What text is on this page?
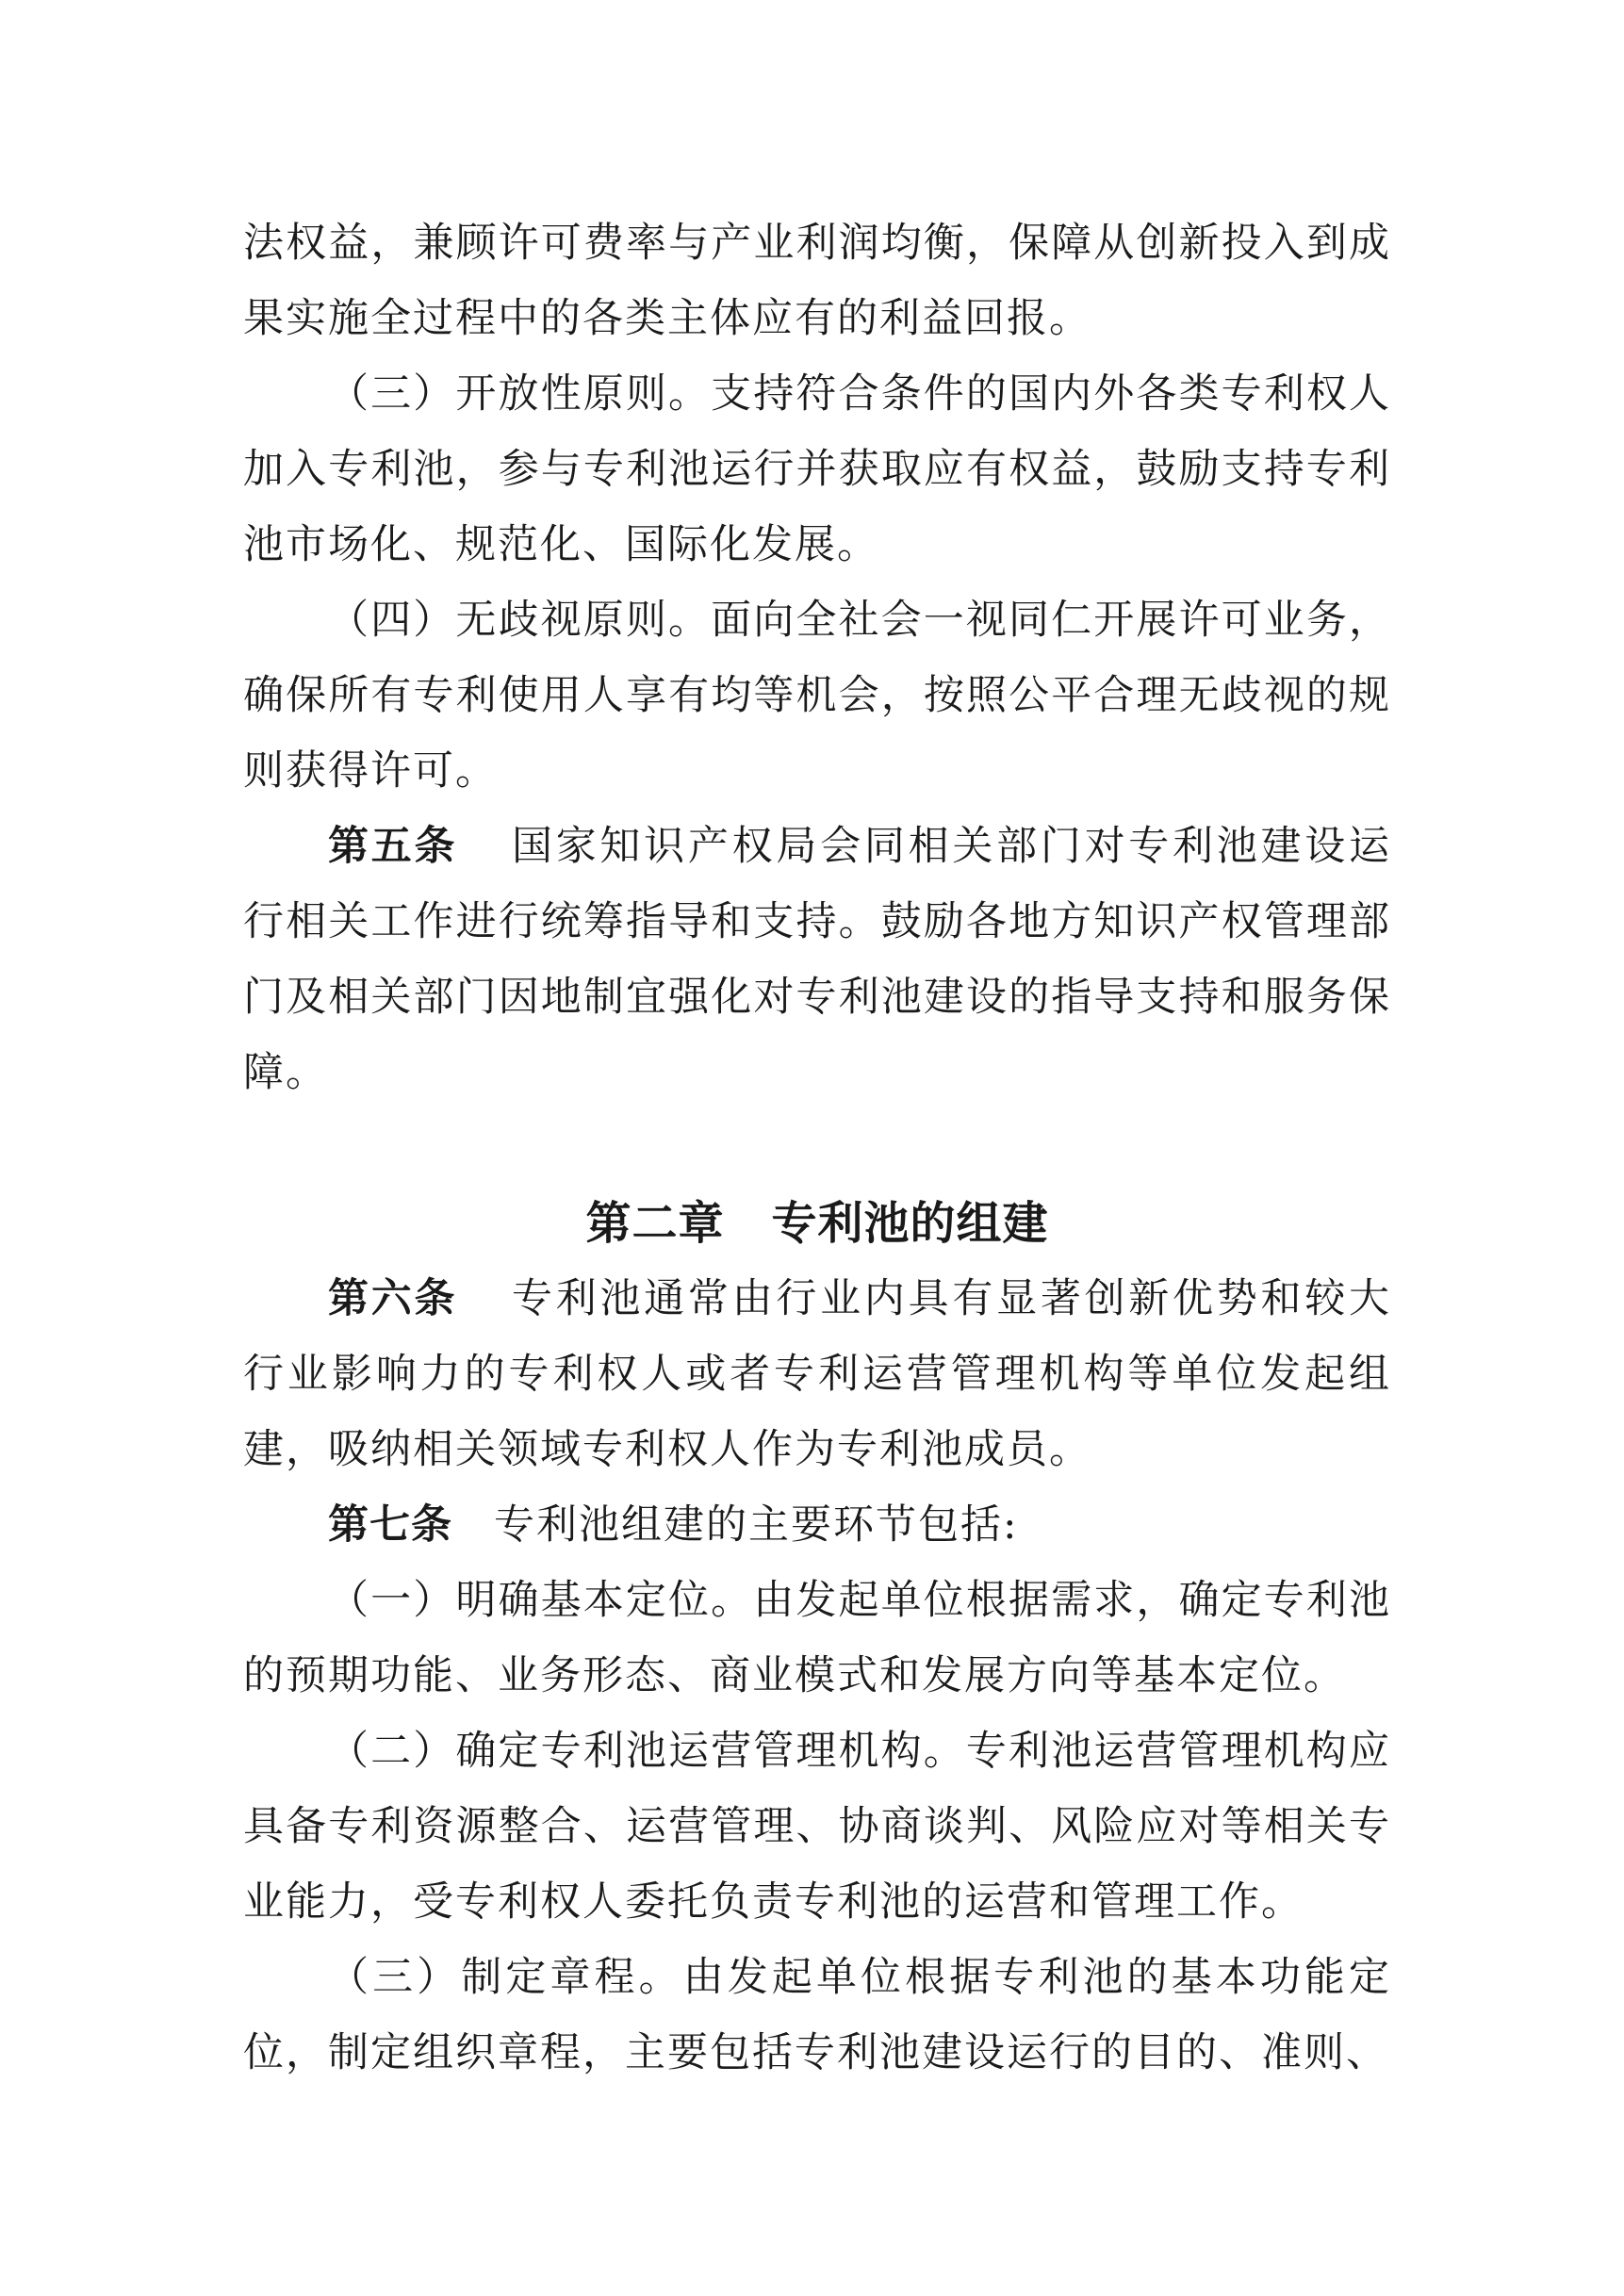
法权益，兼顾许可费率与产业利润均衡，保障从创新投入到成果实施全过程中的各类主体应有的利益回报。

（三）开放性原则。支持符合条件的国内外各类专利权人加入专利池，参与专利池运行并获取应有权益，鼓励支持专利池市场化、规范化、国际化发展。

（四）无歧视原则。面向全社会一视同仁开展许可业务，确保所有专利使用人享有均等机会，按照公平合理无歧视的规则获得许可。

第五条 国家知识产权局会同相关部门对专利池建设运行相关工作进行统筹指导和支持。鼓励各地方知识产权管理部门及相关部门因地制宜强化对专利池建设的指导支持和服务保障。

第二章 专利池的组建

第六条 专利池通常由行业内具有显著创新优势和较大行业影响力的专利权人或者专利运营管理机构等单位发起组建，吸纳相关领域专利权人作为专利池成员。

第七条 专利池组建的主要环节包括:

（一）明确基本定位。由发起单位根据需求，确定专利池的预期功能、业务形态、商业模式和发展方向等基本定位。

（二）确定专利池运营管理机构。专利池运营管理机构应具备专利资源整合、运营管理、协商谈判、风险应对等相关专业能力，受专利权人委托负责专利池的运营和管理工作。

（三）制定章程。由发起单位根据专利池的基本功能定位，制定组织章程，主要包括专利池建设运行的目的、准则、
